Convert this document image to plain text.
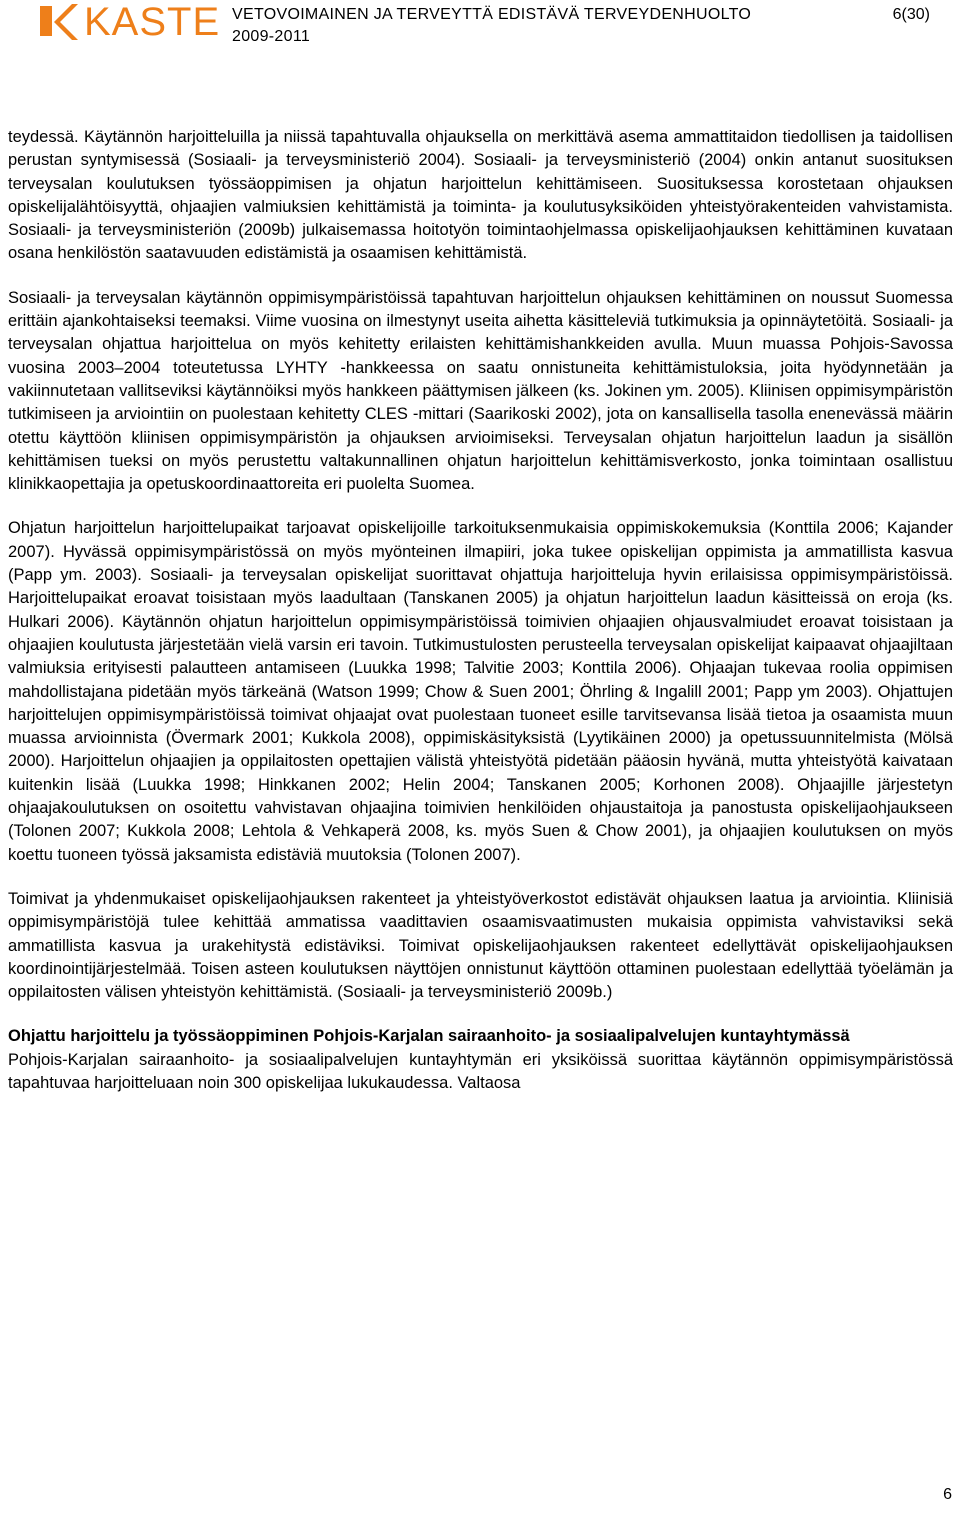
KASTE VETOVOIMAINEN JA TERVEYTTÄ EDISTÄVÄ TERVEYDENHUOLTO
2009-2011
6(30)

teydessä. Käytännön harjoitteluilla ja niissä tapahtuvalla ohjauksella on merkittävä asema ammattitaidon tiedollisen ja taidollisen perustan syntymisessä (Sosiaali- ja terveysministeriö 2004). Sosiaali- ja terveysministeriö (2004) onkin antanut suosituksen terveysalan koulutuksen työssäoppimisen ja ohjatun harjoittelun kehittämiseen. Suosituksessa korostetaan ohjauksen opiskelijalähtöisyyttä, ohjaajien valmiuksien kehittämistä ja toiminta- ja koulutusyksiköiden yhteistyörakenteiden vahvistamista. Sosiaali- ja terveysministeriön (2009b) julkaisemassa hoitotyön toimintaohjelmassa opiskelijaohjauksen kehittäminen kuvataan osana henkilöstön saatavuuden edistämistä ja osaamisen kehittämistä.

Sosiaali- ja terveysalan käytännön oppimisympäristöissä tapahtuvan harjoittelun ohjauksen kehittäminen on noussut Suomessa erittäin ajankohtaiseksi teemaksi. Viime vuosina on ilmestynyt useita aihetta käsitteleviä tutkimuksia ja opinnäytetöitä. Sosiaali- ja terveysalan ohjattua harjoittelua on myös kehitetty erilaisten kehittämishankkeiden avulla. Muun muassa Pohjois-Savossa vuosina 2003–2004 toteutetussa LYHTY -hankkeessa on saatu onnistuneita kehittämistuloksia, joita hyödynnetään ja vakiinnutetaan vallitseviksi käytännöiksi myös hankkeen päättymisen jälkeen (ks. Jokinen ym. 2005). Kliinisen oppimisympäristön tutkimiseen ja arviointiin on puolestaan kehitetty CLES -mittari (Saarikoski 2002), jota on kansallisella tasolla enenevässä määrin otettu käyttöön kliinisen oppimisympäristön ja ohjauksen arvioimiseksi. Terveysalan ohjatun harjoittelun laadun ja sisällön kehittämisen tueksi on myös perustettu valtakunnallinen ohjatun harjoittelun kehittämisverkosto, jonka toimintaan osallistuu klinikkaopettajia ja opetuskoordinaattoreita eri puolelta Suomea.

Ohjatun harjoittelun harjoittelupaikat tarjoavat opiskelijoille tarkoituksenmukaisia oppimiskokemuksia (Konttila 2006; Kajander 2007). Hyvässä oppimisympäristössä on myös myönteinen ilmapiiri, joka tukee opiskelijan oppimista ja ammatillista kasvua (Papp ym. 2003). Sosiaali- ja terveysalan opiskelijat suorittavat ohjattuja harjoitteluja hyvin erilaisissa oppimisympäristöissä. Harjoittelupaikat eroavat toisistaan myös laadultaan (Tanskanen 2005) ja ohjatun harjoittelun laadun käsitteissä on eroja (ks. Hulkari 2006). Käytännön ohjatun harjoittelun oppimisympäristöissä toimivien ohjaajien ohjausvalmiudet eroavat toisistaan ja ohjaajien koulutusta järjestetään vielä varsin eri tavoin. Tutkimustulosten perusteella terveysalan opiskelijat kaipaavat ohjaajiltaan valmiuksia erityisesti palautteen antamiseen (Luukka 1998; Talvitie 2003; Konttila 2006). Ohjaajan tukevaa roolia oppimisen mahdollistajana pidetään myös tärkeänä (Watson 1999; Chow & Suen 2001; Öhrling & Ingalill 2001; Papp ym 2003). Ohjattujen harjoittelujen oppimisympäristöissä toimivat ohjaajat ovat puolestaan tuoneet esille tarvitsevansa lisää tietoa ja osaamista muun muassa arvioinnista (Övermark 2001; Kukkola 2008), oppimiskäsityksistä (Lyytikäinen 2000) ja opetussuunnitelmista (Mölsä 2000). Harjoittelun ohjaajien ja oppilaitosten opettajien välistä yhteistyötä pidetään pääosin hyvänä, mutta yhteistyötä kaivataan kuitenkin lisää (Luukka 1998; Hinkkanen 2002; Helin 2004; Tanskanen 2005; Korhonen 2008). Ohjaajille järjestetyn ohjaajakoulutuksen on osoitettu vahvistavan ohjaajina toimivien henkilöiden ohjaustaitoja ja panostusta opiskelijaohjaukseen (Tolonen 2007; Kukkola 2008; Lehtola & Vehkaperä 2008, ks. myös Suen & Chow 2001), ja ohjaajien koulutuksen on myös koettu tuoneen työssä jaksamista edistäviä muutoksia (Tolonen 2007).

Toimivat ja yhdenmukaiset opiskelijaohjauksen rakenteet ja yhteistyöverkostot edistävät ohjauksen laatua ja arviointia. Kliinisiä oppimisympäristöjä tulee kehittää ammatissa vaadittavien osaamisvaatimusten mukaisia oppimista vahvistaviksi sekä ammatillista kasvua ja urakehitystä edistäviksi. Toimivat opiskelijaohjauksen rakenteet edellyttävät opiskelijaohjauksen koordinointijärjestelmää. Toisen asteen koulutuksen näyttöjen onnistunut käyttöön ottaminen puolestaan edellyttää työelämän ja oppilaitosten välisen yhteistyön kehittämistä. (Sosiaali- ja terveysministeriö 2009b.)

Ohjattu harjoittelu ja työssäoppiminen Pohjois-Karjalan sairaanhoito- ja sosiaalipalvelujen kuntayhtymässä

Pohjois-Karjalan sairaanhoito- ja sosiaalipalvelujen kuntayhtymän eri yksiköissä suorittaa käytännön oppimisympäristössä tapahtuvaa harjoitteluaan noin 300 opiskelijaa lukukaudessa. Valtaosa

6
